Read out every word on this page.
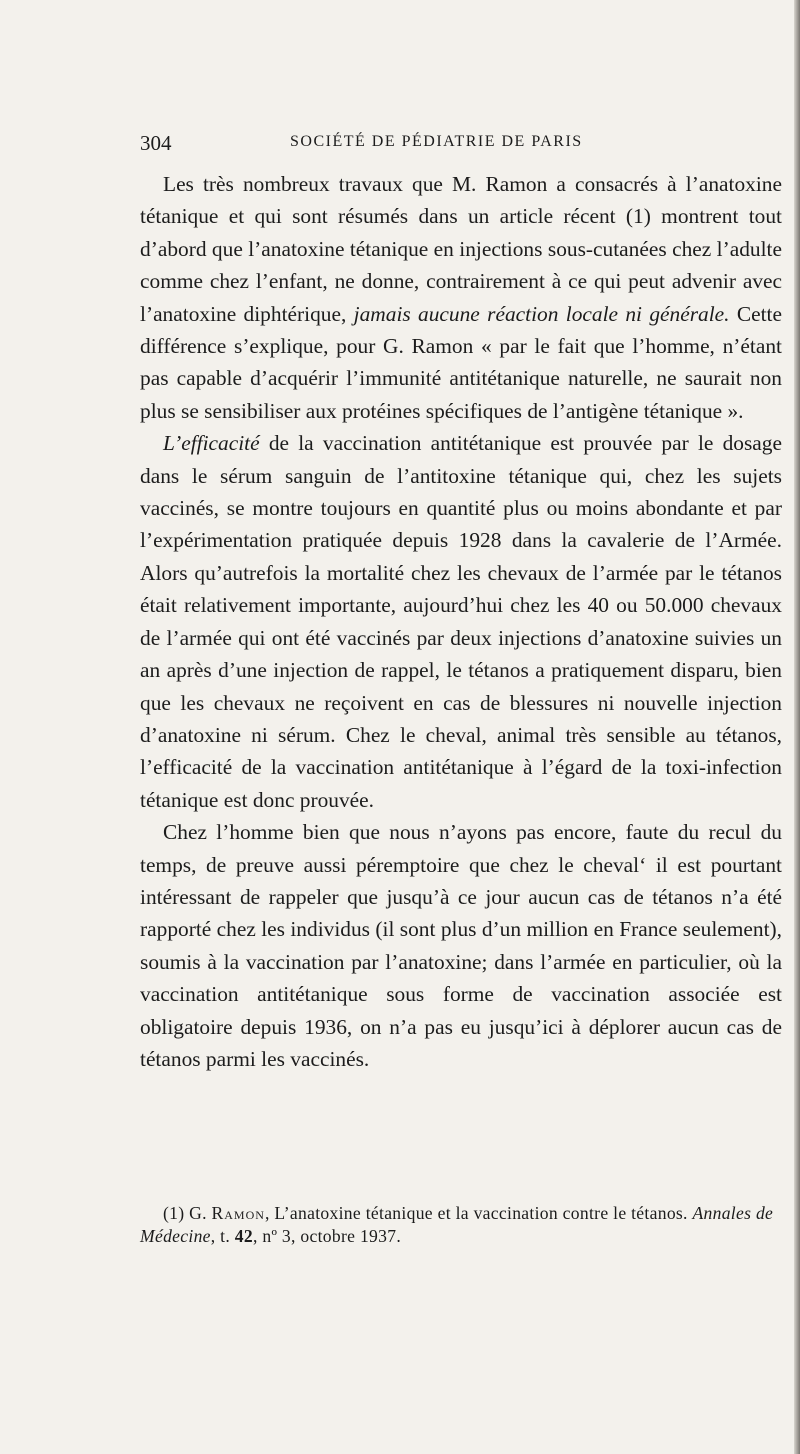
304	SOCIÉTÉ DE PÉDIATRIE DE PARIS

Les très nombreux travaux que M. Ramon a consacrés à l’anatoxine tétanique et qui sont résumés dans un article récent (1) montrent tout d’abord que l’anatoxine tétanique en injections sous-cutanées chez l’adulte comme chez l’enfant, ne donne, contrairement à ce qui peut advenir avec l’anatoxine diphtérique, jamais aucune réaction locale ni générale. Cette différence s’explique, pour G. Ramon « par le fait que l’homme, n’étant pas capable d’acquérir l’immunité antitétanique naturelle, ne saurait non plus se sensibiliser aux protéines spécifiques de l’antigène tétanique ».

L’efficacité de la vaccination antitétanique est prouvée par le dosage dans le sérum sanguin de l’antitoxine tétanique qui, chez les sujets vaccinés, se montre toujours en quantité plus ou moins abondante et par l’expérimentation pratiquée depuis 1928 dans la cavalerie de l’Armée. Alors qu’autrefois la mortalité chez les chevaux de l’armée par le tétanos était relativement importante, aujourd’hui chez les 40 ou 50.000 chevaux de l’armée qui ont été vaccinés par deux injections d’anatoxine suivies un an après d’une injection de rappel, le tétanos a pratiquement disparu, bien que les chevaux ne reçoivent en cas de blessures ni nouvelle injection d’anatoxine ni sérum. Chez le cheval, animal très sensible au tétanos, l’efficacité de la vaccination antitétanique à l’égard de la toxi-infection tétanique est donc prouvée.

Chez l’homme bien que nous n’ayons pas encore, faute du recul du temps, de preuve aussi péremptoire que chez le cheval‘ il est pourtant intéressant de rappeler que jusqu’à ce jour aucun cas de tétanos n’a été rapporté chez les individus (il sont plus d’un million en France seulement), soumis à la vaccination par l’anatoxine; dans l’armée en particulier, où la vaccination antitétanique sous forme de vaccination associée est obligatoire depuis 1936, on n’a pas eu jusqu’ici à déplorer aucun cas de tétanos parmi les vaccinés.

(1) G. Ramon, L’anatoxine tétanique et la vaccination contre le tétanos. Annales de Médecine, t. 42, nº 3, octobre 1937.
